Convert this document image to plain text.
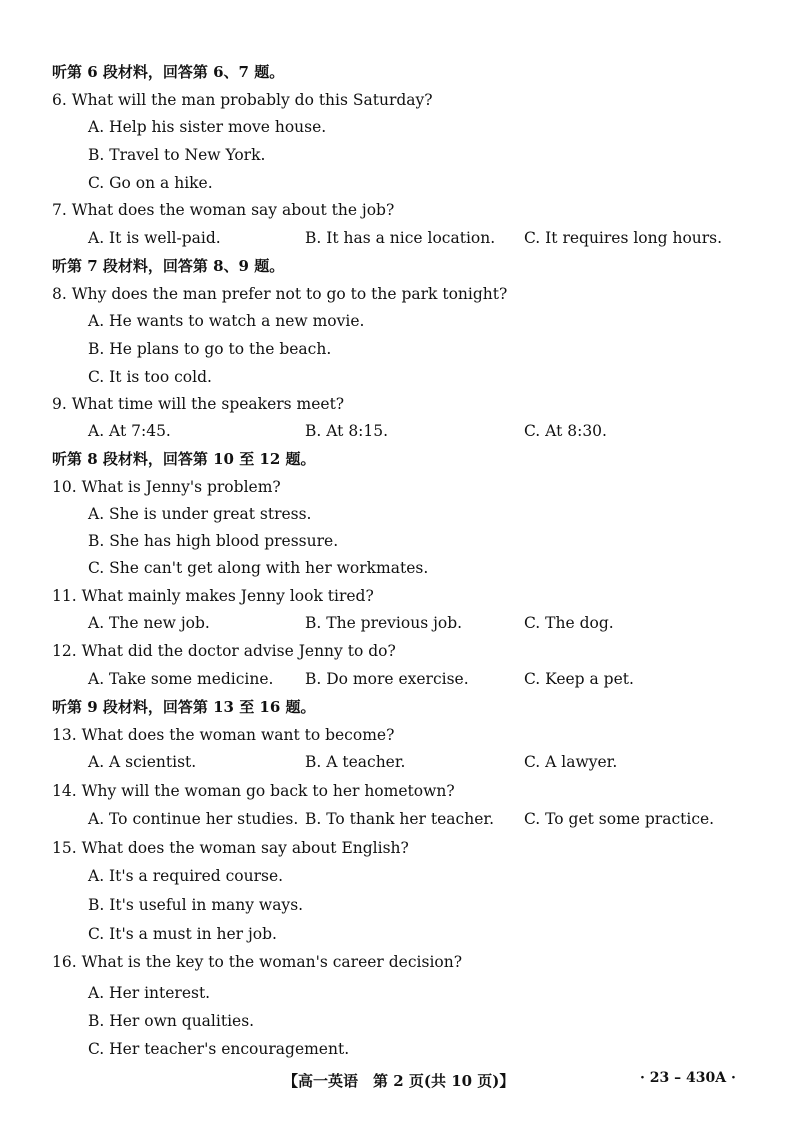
听第 6 段材料，回答第 6、7 题。
6. What will the man probably do this Saturday?
A. Help his sister move house.
B. Travel to New York.
C. Go on a hike.
7. What does the woman say about the job?
A. It is well-paid.	B. It has a nice location. C. It requires long hours.
听第 7 段材料，回答第 8、9 题。
8. Why does the man prefer not to go to the park tonight?
A. He wants to watch a new movie.
B. He plans to go to the beach.
C. It is too cold.
9. What time will the speakers meet?
A. At 7:45.	B. At 8:15.	C. At 8:30.
听第 8 段材料，回答第 10 至 12 题。
10. What is Jenny's problem?
A. She is under great stress.
B. She has high blood pressure.
C. She can't get along with her workmates.
11. What mainly makes Jenny look tired?
A. The new job.	B. The previous job.	C. The dog.
12. What did the doctor advise Jenny to do?
A. Take some medicine. B. Do more exercise.	C. Keep a pet.
听第 9 段材料，回答第 13 至 16 题。
13. What does the woman want to become?
A. A scientist.	B. A teacher.	C. A lawyer.
14. Why will the woman go back to her hometown?
A. To continue her studies. B. To thank her teacher. C. To get some practice.
15. What does the woman say about English?
A. It's a required course.
B. It's useful in many ways.
C. It's a must in her job.
16. What is the key to the woman's career decision?
A. Her interest.
B. Her own qualities.
C. Her teacher's encouragement.
【高一英语　第 2 页(共 10 页)】	· 23 – 430A ·
